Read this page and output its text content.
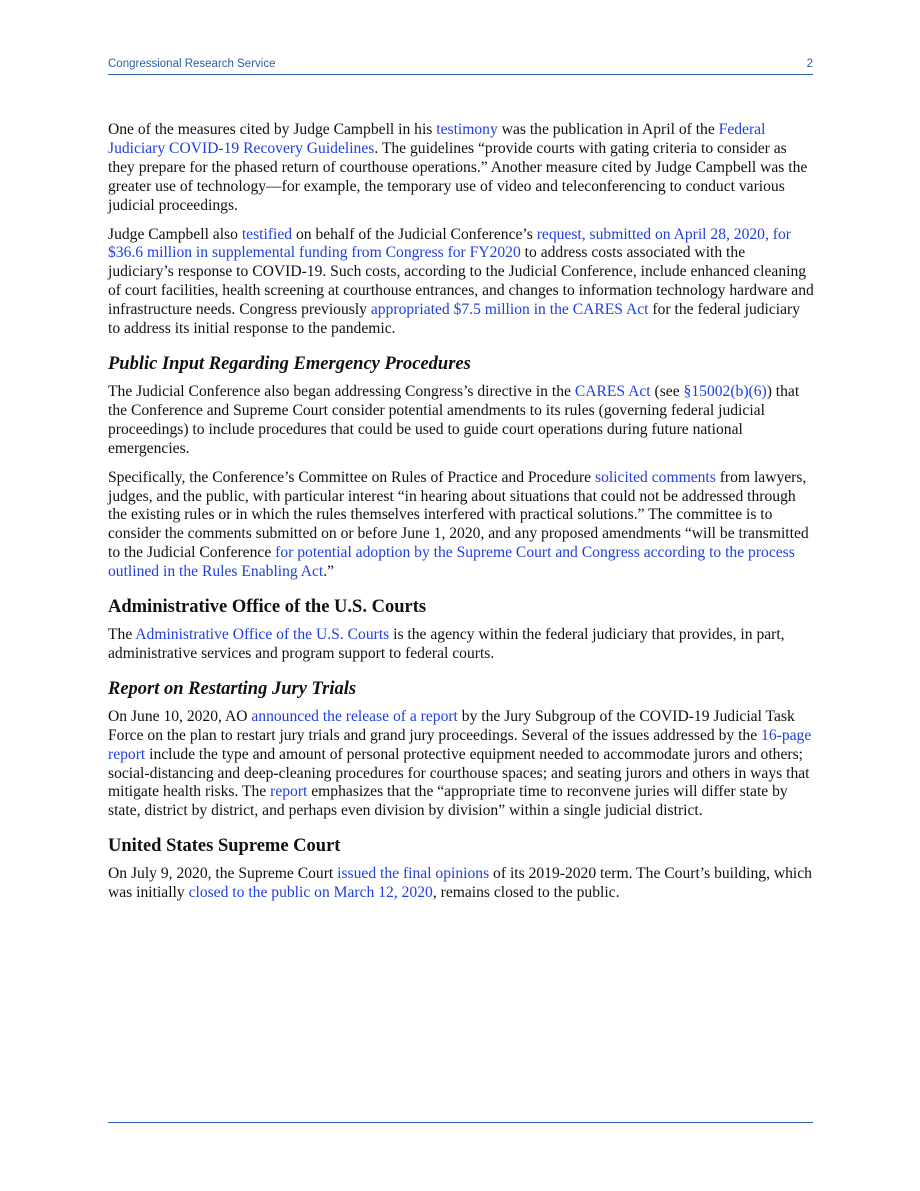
Congressional Research Service	2

One of the measures cited by Judge Campbell in his testimony was the publication in April of the Federal Judiciary COVID-19 Recovery Guidelines. The guidelines “provide courts with gating criteria to consider as they prepare for the phased return of courthouse operations.” Another measure cited by Judge Campbell was the greater use of technology—for example, the temporary use of video and teleconferencing to conduct various judicial proceedings.

Judge Campbell also testified on behalf of the Judicial Conference’s request, submitted on April 28, 2020, for $36.6 million in supplemental funding from Congress for FY2020 to address costs associated with the judiciary’s response to COVID-19. Such costs, according to the Judicial Conference, include enhanced cleaning of court facilities, health screening at courthouse entrances, and changes to information technology hardware and infrastructure needs. Congress previously appropriated $7.5 million in the CARES Act for the federal judiciary to address its initial response to the pandemic.

Public Input Regarding Emergency Procedures

The Judicial Conference also began addressing Congress’s directive in the CARES Act (see §15002(b)(6)) that the Conference and Supreme Court consider potential amendments to its rules (governing federal judicial proceedings) to include procedures that could be used to guide court operations during future national emergencies.

Specifically, the Conference’s Committee on Rules of Practice and Procedure solicited comments from lawyers, judges, and the public, with particular interest “in hearing about situations that could not be addressed through the existing rules or in which the rules themselves interfered with practical solutions.” The committee is to consider the comments submitted on or before June 1, 2020, and any proposed amendments “will be transmitted to the Judicial Conference for potential adoption by the Supreme Court and Congress according to the process outlined in the Rules Enabling Act.”

Administrative Office of the U.S. Courts

The Administrative Office of the U.S. Courts is the agency within the federal judiciary that provides, in part, administrative services and program support to federal courts.

Report on Restarting Jury Trials

On June 10, 2020, AO announced the release of a report by the Jury Subgroup of the COVID-19 Judicial Task Force on the plan to restart jury trials and grand jury proceedings. Several of the issues addressed by the 16-page report include the type and amount of personal protective equipment needed to accommodate jurors and others; social-distancing and deep-cleaning procedures for courthouse spaces; and seating jurors and others in ways that mitigate health risks. The report emphasizes that the “appropriate time to reconvene juries will differ state by state, district by district, and perhaps even division by division” within a single judicial district.

United States Supreme Court

On July 9, 2020, the Supreme Court issued the final opinions of its 2019-2020 term. The Court’s building, which was initially closed to the public on March 12, 2020, remains closed to the public.
